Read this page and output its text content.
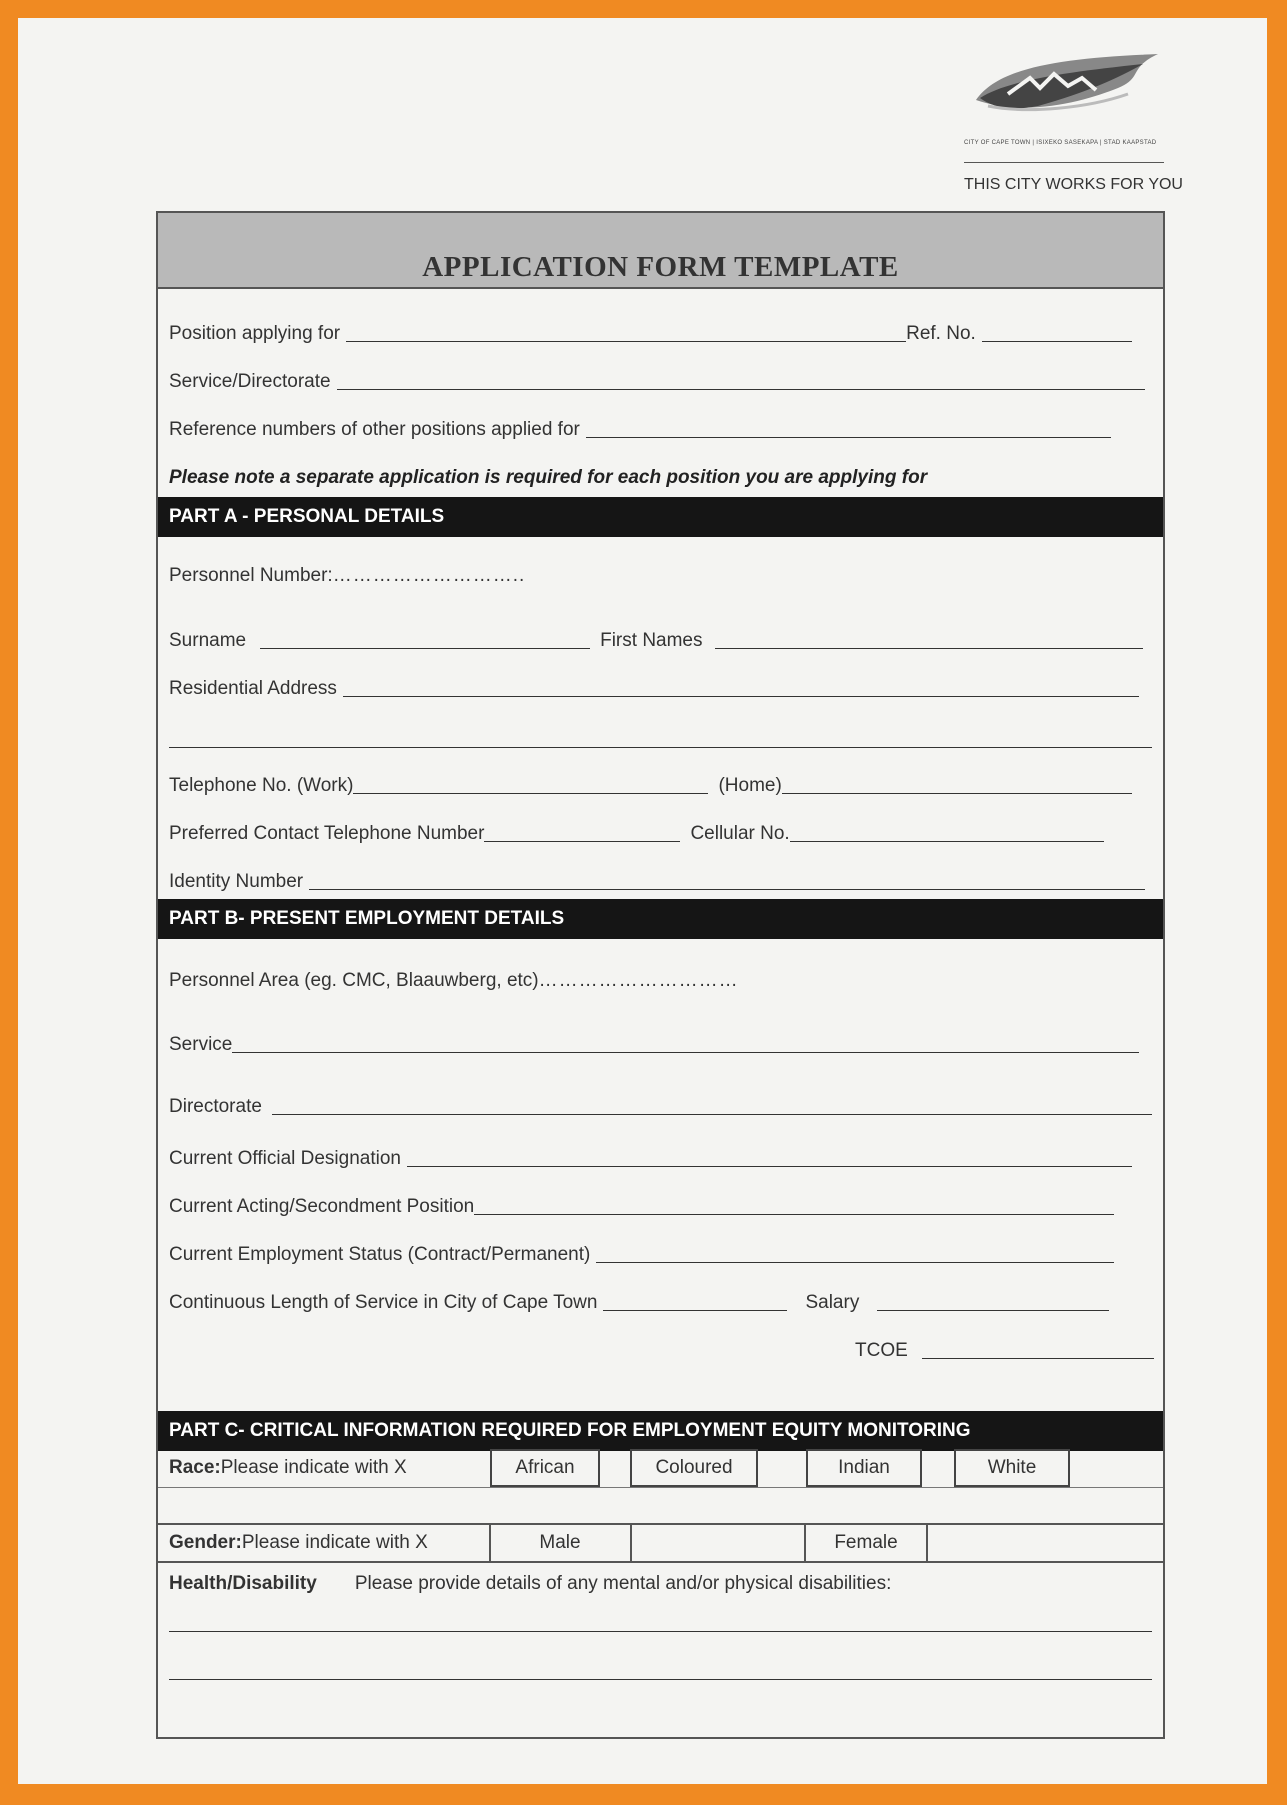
CITY OF CAPE TOWN | ISIXEKO SASEKAPA | STAD KAAPSTAD
THIS CITY WORKS FOR YOU
APPLICATION FORM TEMPLATE
Position applying for	Ref. No.
Service/Directorate
Reference numbers of other positions applied for
Please note a separate application is required for each position you are applying for
PART A - PERSONAL DETAILS
Personnel Number: ………………………..
Surname	First Names
Residential Address
Telephone No. (Work)	(Home)
Preferred Contact Telephone Number	Cellular No.
Identity Number
PART B- PRESENT EMPLOYMENT DETAILS
Personnel Area (eg. CMC, Blaauwberg, etc) …………………………
Service
Directorate
Current Official Designation
Current Acting/Secondment Position
Current Employment Status (Contract/Permanent)
Continuous Length of Service in City of Cape Town	Salary
TCOE
PART C- CRITICAL INFORMATION REQUIRED FOR EMPLOYMENT EQUITY MONITORING
Race: Please indicate with X	African	Coloured	Indian	White
Gender: Please indicate with X	Male	Female
Health/Disability	Please provide details of any mental and/or physical disabilities:
